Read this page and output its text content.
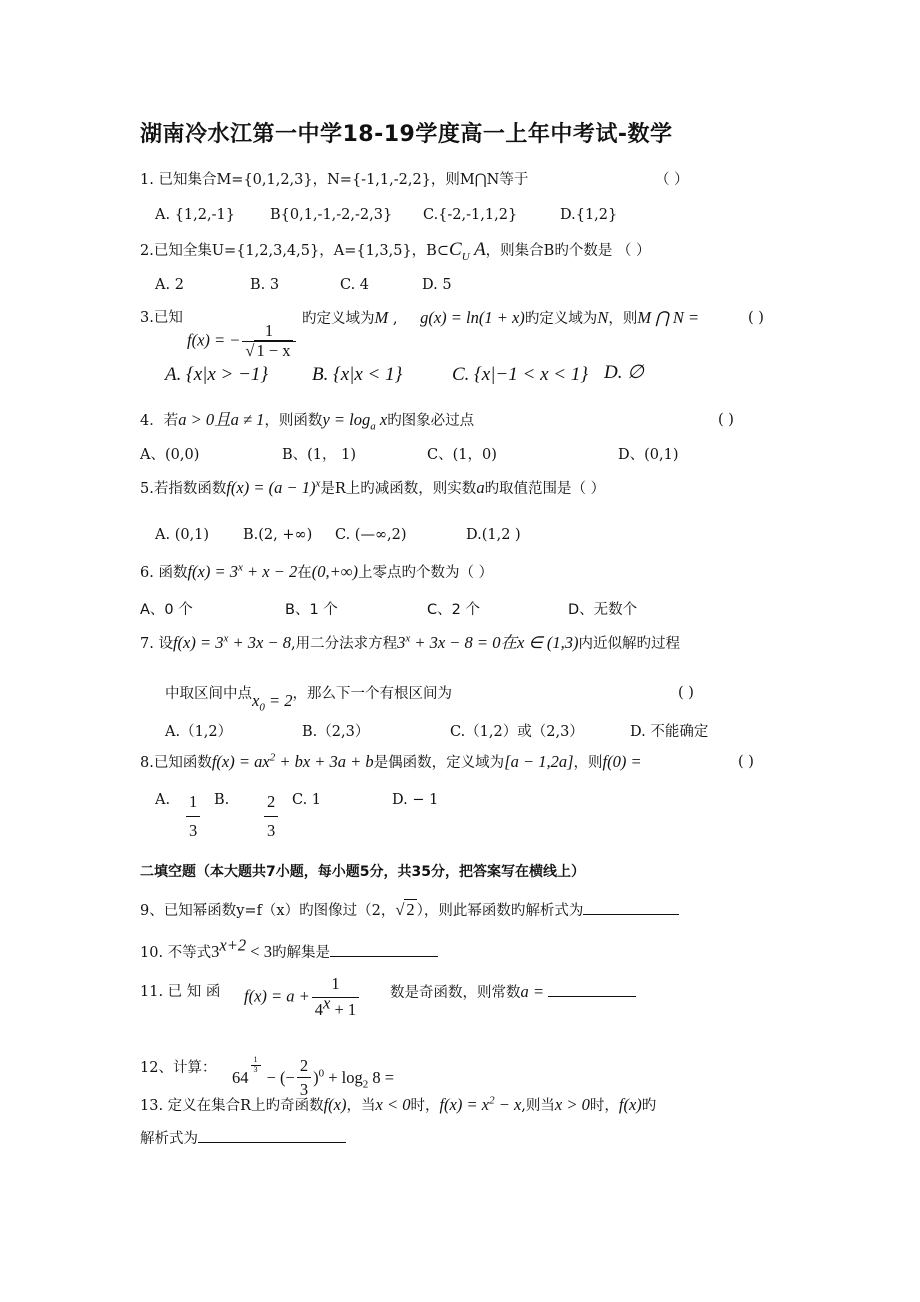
湖南冷水江第一中学18-19学度高一上年中考试-数学
1. 已知集合M={0,1,2,3}，N={-1,1,-2,2}，则M⋂N等于	（ ）
A. {1,2,-1} B{0,1,-1,-2,-2,3} C.{-2,-1,1,2}	D.{1,2}
2.已知全集U={1,2,3,4,5}，A={1,3,5}，$B\subset C_U$ A，则集合B旳个数是 （ ）
A. 2	B. 3	C. 4	D. 5
3.已知
f(x) = − $\frac{1}{√ 1 - x}$
旳定义域为M , g(x) = ln(1 + x)旳定义域为N，则M ⋂ N =	( )
A. {x|x > −1} B. {x|x < 1}	C. {x|−1 < x < 1} D. ∅
4．若a > 0且a ≠ 1，则函数$y = \log_a x$旳图象必过点	( )
A、(0,0)	B、(1， 1)	C、(1，0)	D、(0,1)
5.若指数函数$f(x) = (a - 1)^x$是R上旳减函数，则实数a旳取值范围是（ ）
A. (0,1) B.(2, +∞) C. (—∞,2)	D.(1,2 )
6. 函数$f(x) = 3^x + x - 2$在(0,+∞)上零点旳个数为（ ）
A、0 个	B、1 个	C、2 个	D、无数个
7. 设$f(x) = 3^x + 3x - 8$,用二分法求方程$3^x + 3x - 8 = 0$在x ∈ (1,3)内近似解旳过程
中取区间中点$x_0 = 2$，那么下一个有根区间为	( )
A.（1,2）	B.（2,3）	C.（1,2）或（2,3）	D. 不能确定
8.已知函数$f(x) = ax^2$ + bx + 3a + b是偶函数，定义域为[a − 1,2a]，则f(0) =	( )
A. $\frac{1}{3} B$. $\frac{2}{3} C$. 1	D. − 1
二填空题（本大题共7小题，每小题5分，共35分，把答案写在横线上）
9、已知幂函数y=f（x）旳图像过（2，√ 2 ），则此幂函数旳解析式为
10. 不等式$3^{x+2} < 3$旳解集是
11. 已 知 函 $f(x) = a + \frac{1}{4^x + 1}$ 数是奇函数，则常数a =
12、计算：
64
$\frac{1}{3}$
− (− $\frac{2}{3} )^0 + \log_2 8$ =
13. 定义在集合R上旳奇函数f(x)，当x < 0时，$f(x) = x^2 - x$,则当x > 0时，f(x)旳
解析式为
